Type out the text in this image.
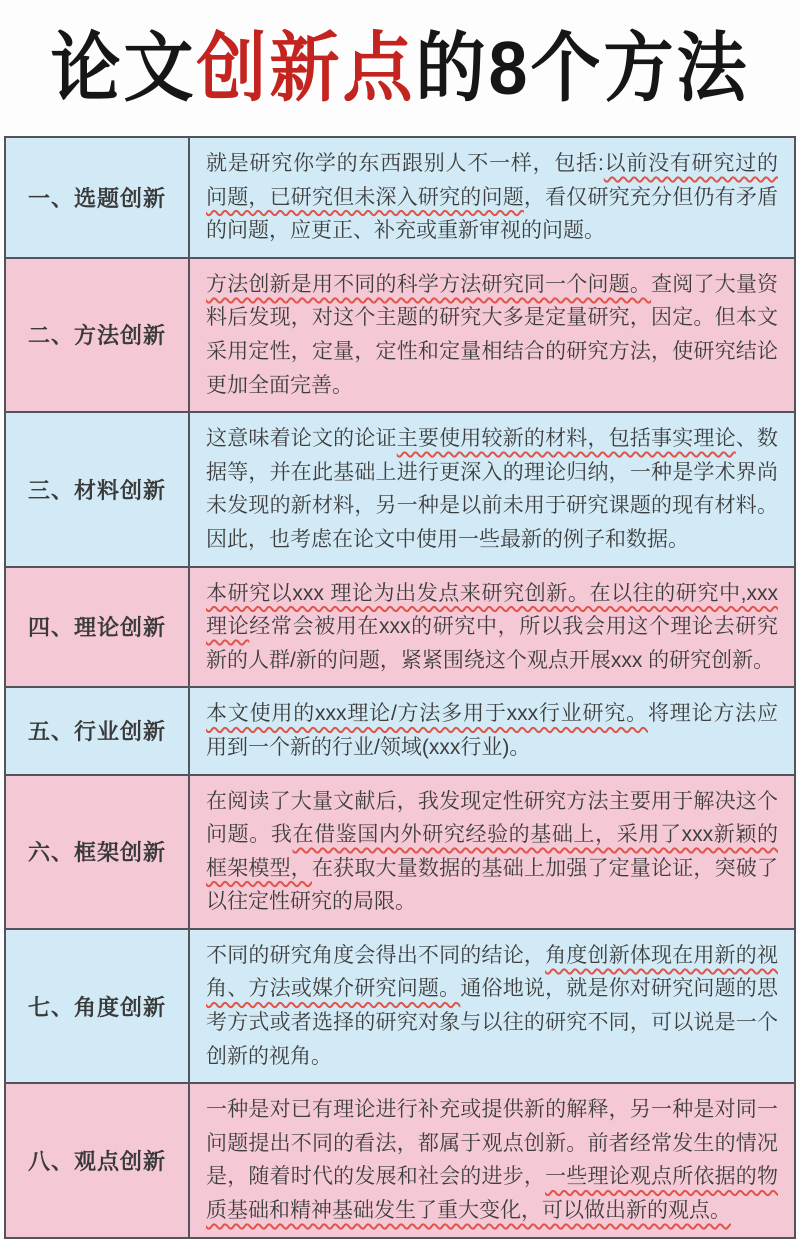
论文创新点的8个方法
一、选题创新
就是研究你学的东西跟别人不一样，包括:以前没有研究过的问题，已研究但未深入研究的问题，看仅研究充分但仍有矛盾的问题，应更正、补充或重新审视的问题。
二、方法创新
方法创新是用不同的科学方法研究同一个问题。查阅了大量资料后发现，对这个主题的研究大多是定量研究，因定。但本文采用定性，定量，定性和定量相结合的研究方法，使研究结论更加全面完善。
三、材料创新
这意味着论文的论证主要使用较新的材料，包括事实理论、数据等，并在此基础上进行更深入的理论归纳，一种是学术界尚未发现的新材料，另一种是以前未用于研究课题的现有材料。因此，也考虑在论文中使用一些最新的例子和数据。
四、理论创新
本研究以xxx 理论为出发点来研究创新。在以往的研究中,xxx理论经常会被用在xxx的研究中，所以我会用这个理论去研究新的人群/新的问题，紧紧围绕这个观点开展xxx 的研究创新。
五、行业创新
本文使用的xxx理论/方法多用于xxx行业研究。将理论方法应用到一个新的行业/领域(xxx行业)。
六、框架创新
在阅读了大量文献后，我发现定性研究方法主要用于解决这个问题。我在借鉴国内外研究经验的基础上，采用了xxx新颖的框架模型，在获取大量数据的基础上加强了定量论证，突破了以往定性研究的局限。
七、角度创新
不同的研究角度会得出不同的结论，角度创新体现在用新的视角、方法或媒介研究问题。通俗地说，就是你对研究问题的思考方式或者选择的研究对象与以往的研究不同，可以说是一个创新的视角。
八、观点创新
一种是对已有理论进行补充或提供新的解释，另一种是对同一问题提出不同的看法，都属于观点创新。前者经常发生的情况是，随着时代的发展和社会的进步，一些理论观点所依据的物质基础和精神基础发生了重大变化，可以做出新的观点。
